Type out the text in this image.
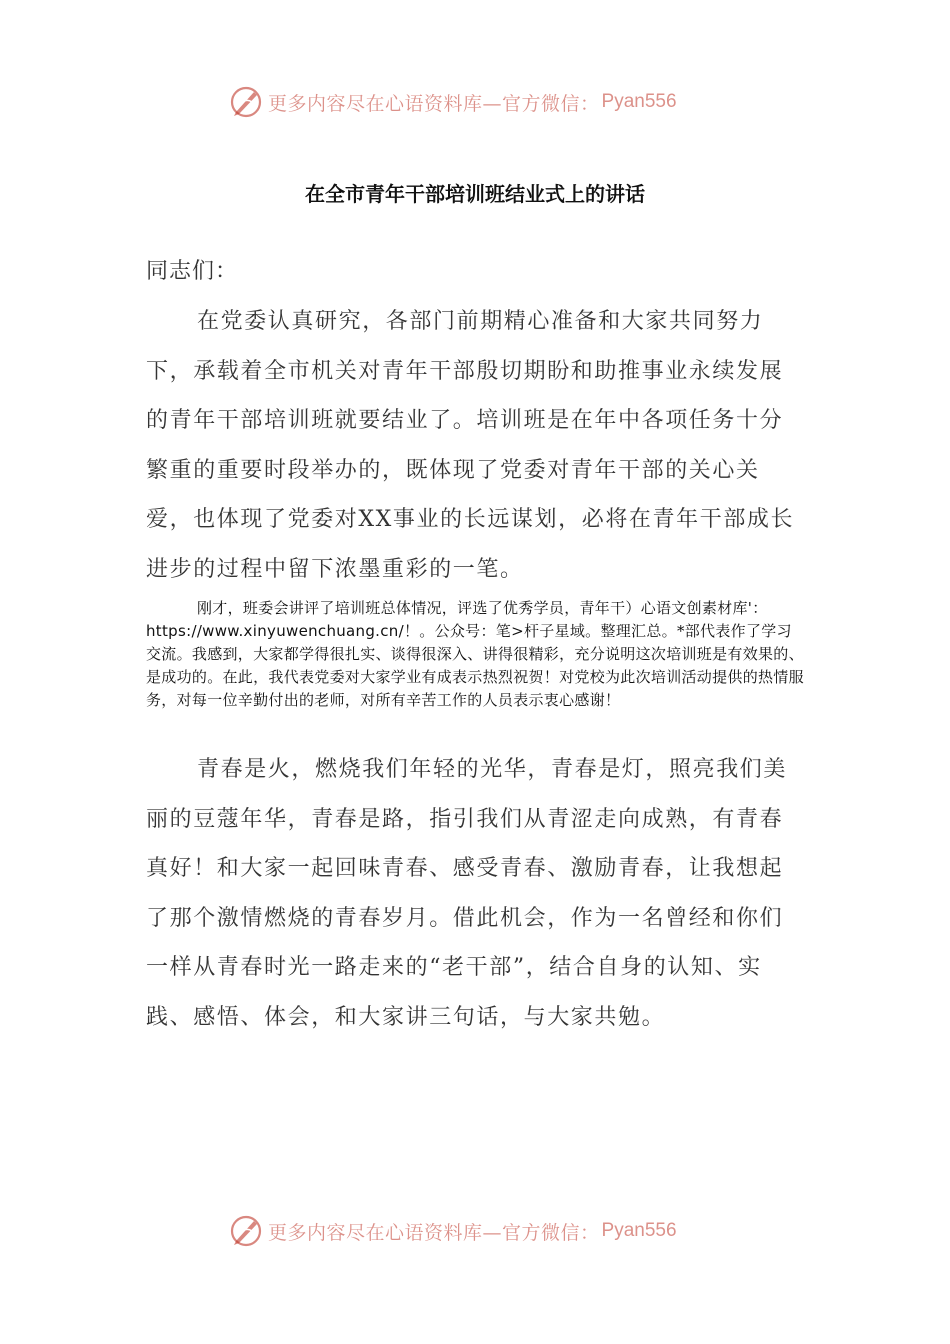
更多内容尽在心语资料库—官方微信： Pyan556
在全市青年干部培训班结业式上的讲话
同志们：

在党委认真研究，各部门前期精心准备和大家共同努力下，承载着全市机关对青年干部殷切期盼和助推事业永续发展的青年干部培训班就要结业了。培训班是在年中各项任务十分繁重的重要时段举办的，既体现了党委对青年干部的关心关爱，也体现了党委对XX事业的长远谋划，必将在青年干部成长进步的过程中留下浓墨重彩的一笔。

刚才，班委会讲评了培训班总体情况，评选了优秀学员，青年干）心语文创素材库'：https://www.xinyuwenchuang.cn/！。公众号：笔>杆子星域。整理汇总。*部代表作了学习交流。我感到，大家都学得很扎实、谈得很深入、讲得很精彩，充分说明这次培训班是有效果的、是成功的。在此，我代表党委对大家学业有成表示热烈祝贺！对党校为此次培训活动提供的热情服务，对每一位辛勤付出的老师，对所有辛苦工作的人员表示衷心感谢！

青春是火，燃烧我们年轻的光华，青春是灯，照亮我们美丽的豆蔻年华，青春是路，指引我们从青涩走向成熟，有青春真好！和大家一起回味青春、感受青春、激励青春，让我想起了那个激情燃烧的青春岁月。借此机会，作为一名曾经和你们一样从青春时光一路走来的“老干部”，结合自身的认知、实践、感悟、体会，和大家讲三句话，与大家共勉。

更多内容尽在心语资料库—官方微信： Pyan556
